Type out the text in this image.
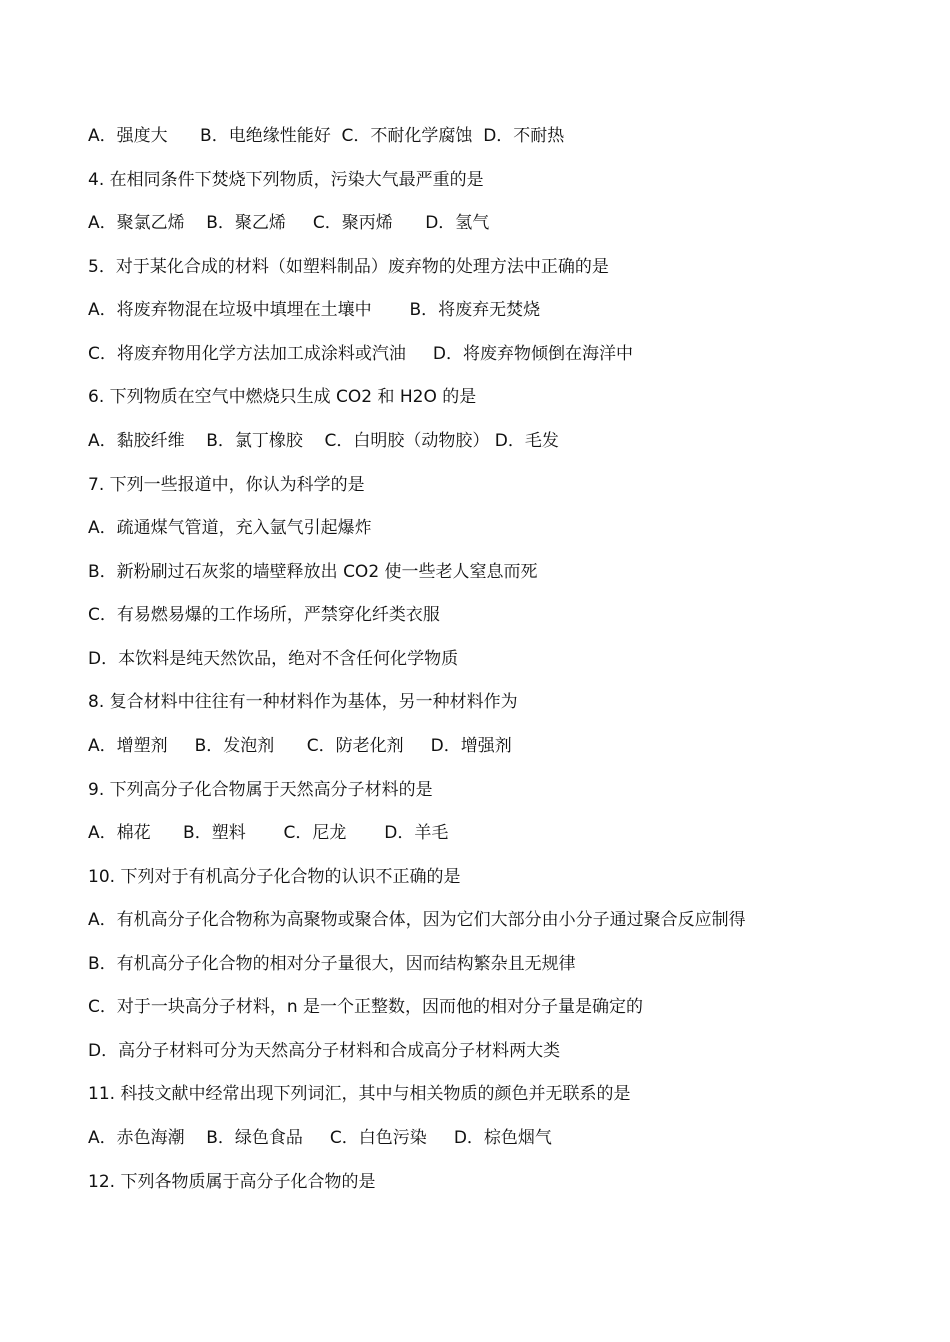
A．强度大      B．电绝缘性能好  C．不耐化学腐蚀  D．不耐热
4. 在相同条件下焚烧下列物质，污染大气最严重的是
A．聚氯乙烯    B．聚乙烯     C．聚丙烯      D．氢气
5．对于某化合成的材料（如塑料制品）废弃物的处理方法中正确的是
A．将废弃物混在垃圾中填埋在土壤中       B．将废弃无焚烧
C．将废弃物用化学方法加工成涂料或汽油     D．将废弃物倾倒在海洋中
6. 下列物质在空气中燃烧只生成 CO2 和 H2O 的是
A．黏胶纤维    B．氯丁橡胶    C．白明胶（动物胶） D．毛发
7. 下列一些报道中，你认为科学的是
A．疏通煤气管道，充入氩气引起爆炸
B．新粉刷过石灰浆的墙壁释放出 CO2 使一些老人窒息而死
C．有易燃易爆的工作场所，严禁穿化纤类衣服
D．本饮料是纯天然饮品，绝对不含任何化学物质
8. 复合材料中往往有一种材料作为基体，另一种材料作为
A．增塑剂     B．发泡剂      C．防老化剂     D．增强剂
9. 下列高分子化合物属于天然高分子材料的是
A．棉花      B．塑料       C．尼龙       D．羊毛
10. 下列对于有机高分子化合物的认识不正确的是
A．有机高分子化合物称为高聚物或聚合体，因为它们大部分由小分子通过聚合反应制得
B．有机高分子化合物的相对分子量很大，因而结构繁杂且无规律
C．对于一块高分子材料，n 是一个正整数，因而他的相对分子量是确定的
D．高分子材料可分为天然高分子材料和合成高分子材料两大类
11. 科技文献中经常出现下列词汇，其中与相关物质的颜色并无联系的是
A．赤色海潮    B．绿色食品     C．白色污染     D．棕色烟气
12. 下列各物质属于高分子化合物的是
